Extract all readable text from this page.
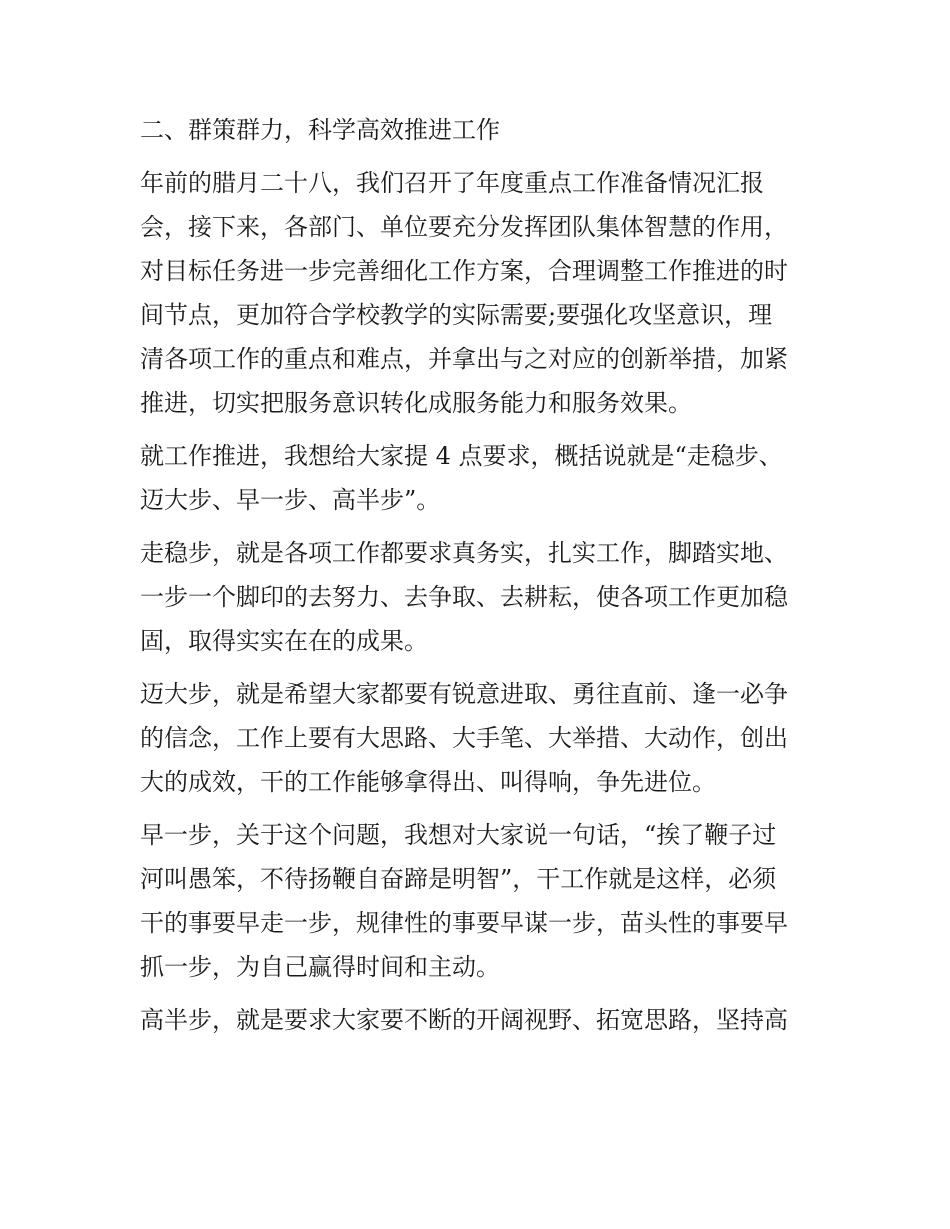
二、群策群力，科学高效推进工作
年前的腊月二十八，我们召开了年度重点工作准备情况汇报
会，接下来，各部门、单位要充分发挥团队集体智慧的作用，
对目标任务进一步完善细化工作方案，合理调整工作推进的时
间节点，更加符合学校教学的实际需要;要强化攻坚意识，理
清各项工作的重点和难点，并拿出与之对应的创新举措，加紧
推进，切实把服务意识转化成服务能力和服务效果。
就工作推进，我想给大家提 4 点要求，概括说就是“走稳步、
迈大步、早一步、高半步”。
走稳步，就是各项工作都要求真务实，扎实工作，脚踏实地、
一步一个脚印的去努力、去争取、去耕耘，使各项工作更加稳
固，取得实实在在的成果。
迈大步，就是希望大家都要有锐意进取、勇往直前、逢一必争
的信念，工作上要有大思路、大手笔、大举措、大动作，创出
大的成效，干的工作能够拿得出、叫得响，争先进位。
早一步，关于这个问题，我想对大家说一句话，“挨了鞭子过
河叫愚笨，不待扬鞭自奋蹄是明智”，干工作就是这样，必须
干的事要早走一步，规律性的事要早谋一步，苗头性的事要早
抓一步，为自己赢得时间和主动。
高半步，就是要求大家要不断的开阔视野、拓宽思路，坚持高
